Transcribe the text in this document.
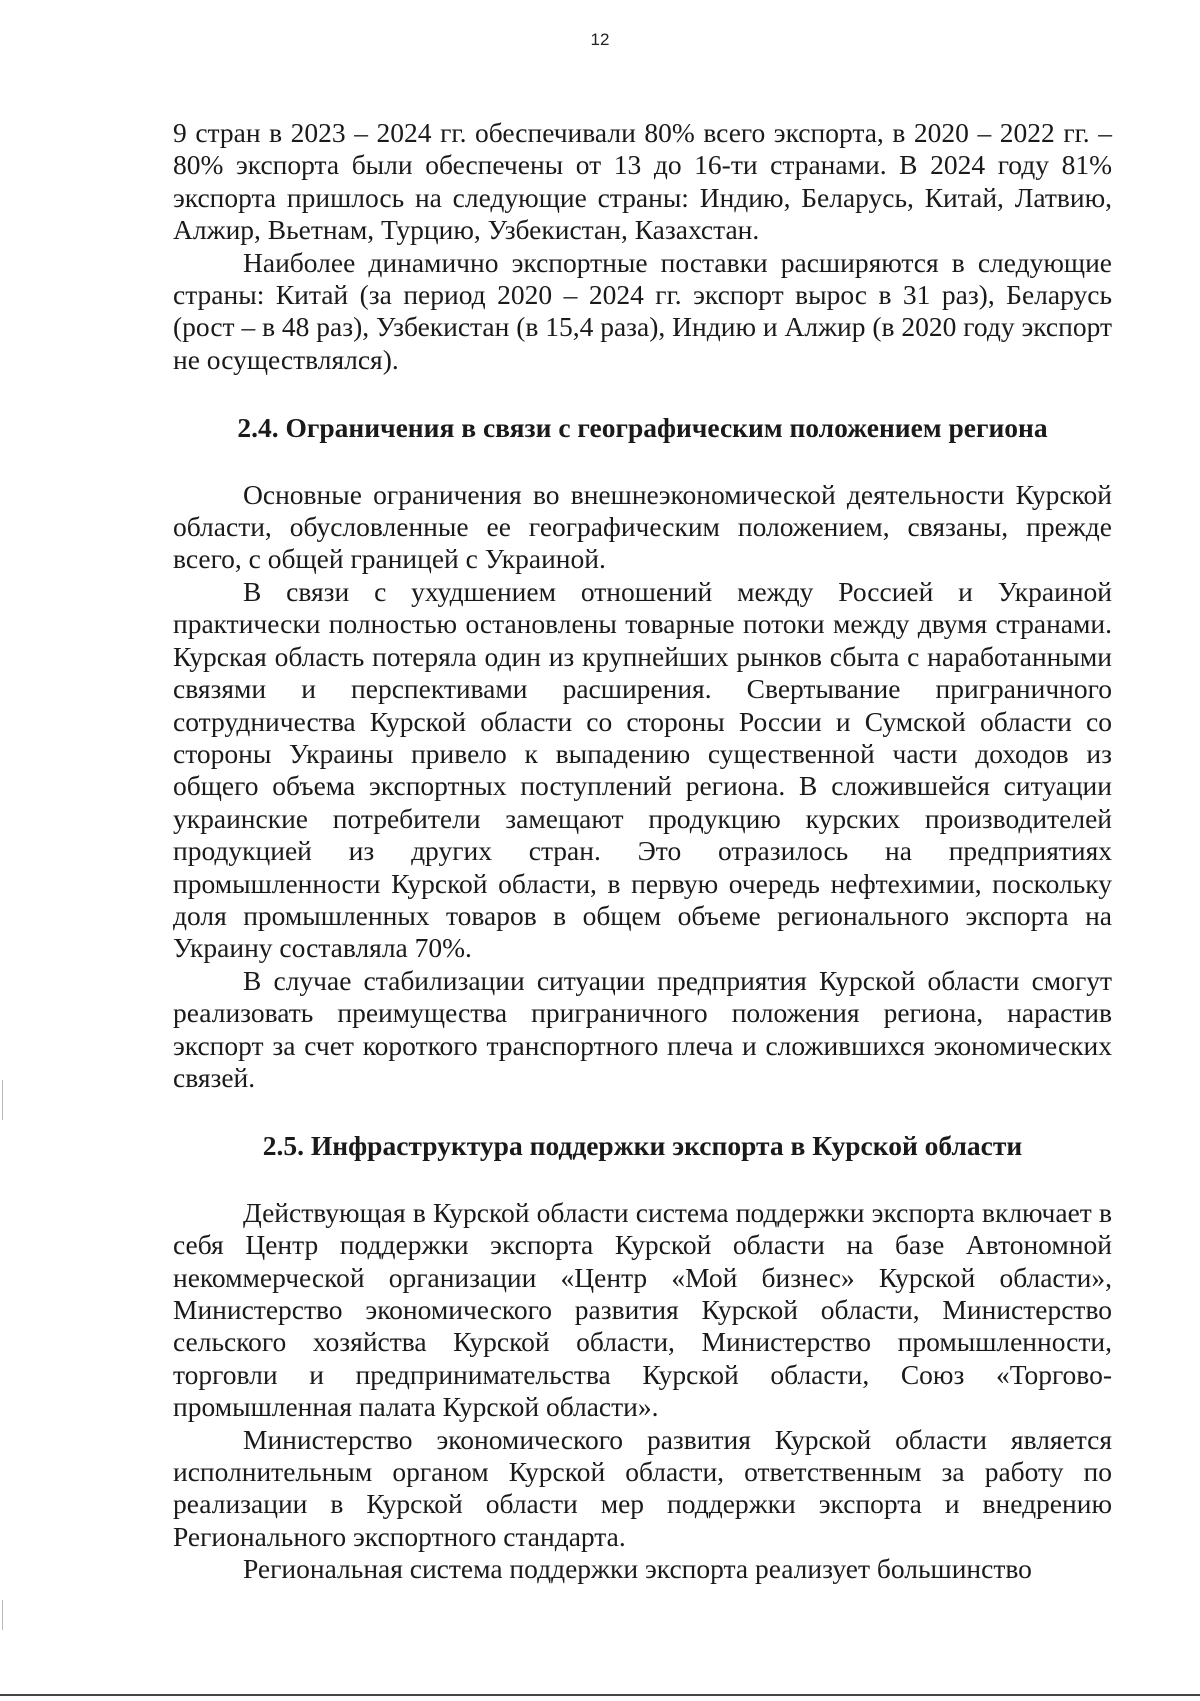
12

9 стран в 2023 – 2024 гг. обеспечивали 80% всего экспорта, в 2020 – 2022 гг. – 80% экспорта были обеспечены от 13 до 16-ти странами. В 2024 году 81% экспорта пришлось на следующие страны: Индию, Беларусь, Китай, Латвию, Алжир, Вьетнам, Турцию, Узбекистан, Казахстан.

Наиболее динамично экспортные поставки расширяются в следующие страны: Китай (за период 2020 – 2024 гг. экспорт вырос в 31 раз), Беларусь (рост – в 48 раз), Узбекистан (в 15,4 раза), Индию и Алжир (в 2020 году экспорт не осуществлялся).

2.4. Ограничения в связи с географическим положением региона

Основные ограничения во внешнеэкономической деятельности Курской области, обусловленные ее географическим положением, связаны, прежде всего, с общей границей с Украиной.

В связи с ухудшением отношений между Россией и Украиной практически полностью остановлены товарные потоки между двумя странами. Курская область потеряла один из крупнейших рынков сбыта с наработанными связями и перспективами расширения. Свертывание приграничного сотрудничества Курской области со стороны России и Сумской области со стороны Украины привело к выпадению существенной части доходов из общего объема экспортных поступлений региона. В сложившейся ситуации украинские потребители замещают продукцию курских производителей продукцией из других стран. Это отразилось на предприятиях промышленности Курской области, в первую очередь нефтехимии, поскольку доля промышленных товаров в общем объеме регионального экспорта на Украину составляла 70%.

В случае стабилизации ситуации предприятия Курской области смогут реализовать преимущества приграничного положения региона, нарастив экспорт за счет короткого транспортного плеча и сложившихся экономических связей.

2.5. Инфраструктура поддержки экспорта в Курской области

Действующая в Курской области система поддержки экспорта включает в себя Центр поддержки экспорта Курской области на базе Автономной некоммерческой организации «Центр «Мой бизнес» Курской области», Министерство экономического развития Курской области, Министерство сельского хозяйства Курской области, Министерство промышленности, торговли и предпринимательства Курской области, Союз «Торгово-промышленная палата Курской области».

Министерство экономического развития Курской области является исполнительным органом Курской области, ответственным за работу по реализации в Курской области мер поддержки экспорта и внедрению Регионального экспортного стандарта.

Региональная система поддержки экспорта реализует большинство
